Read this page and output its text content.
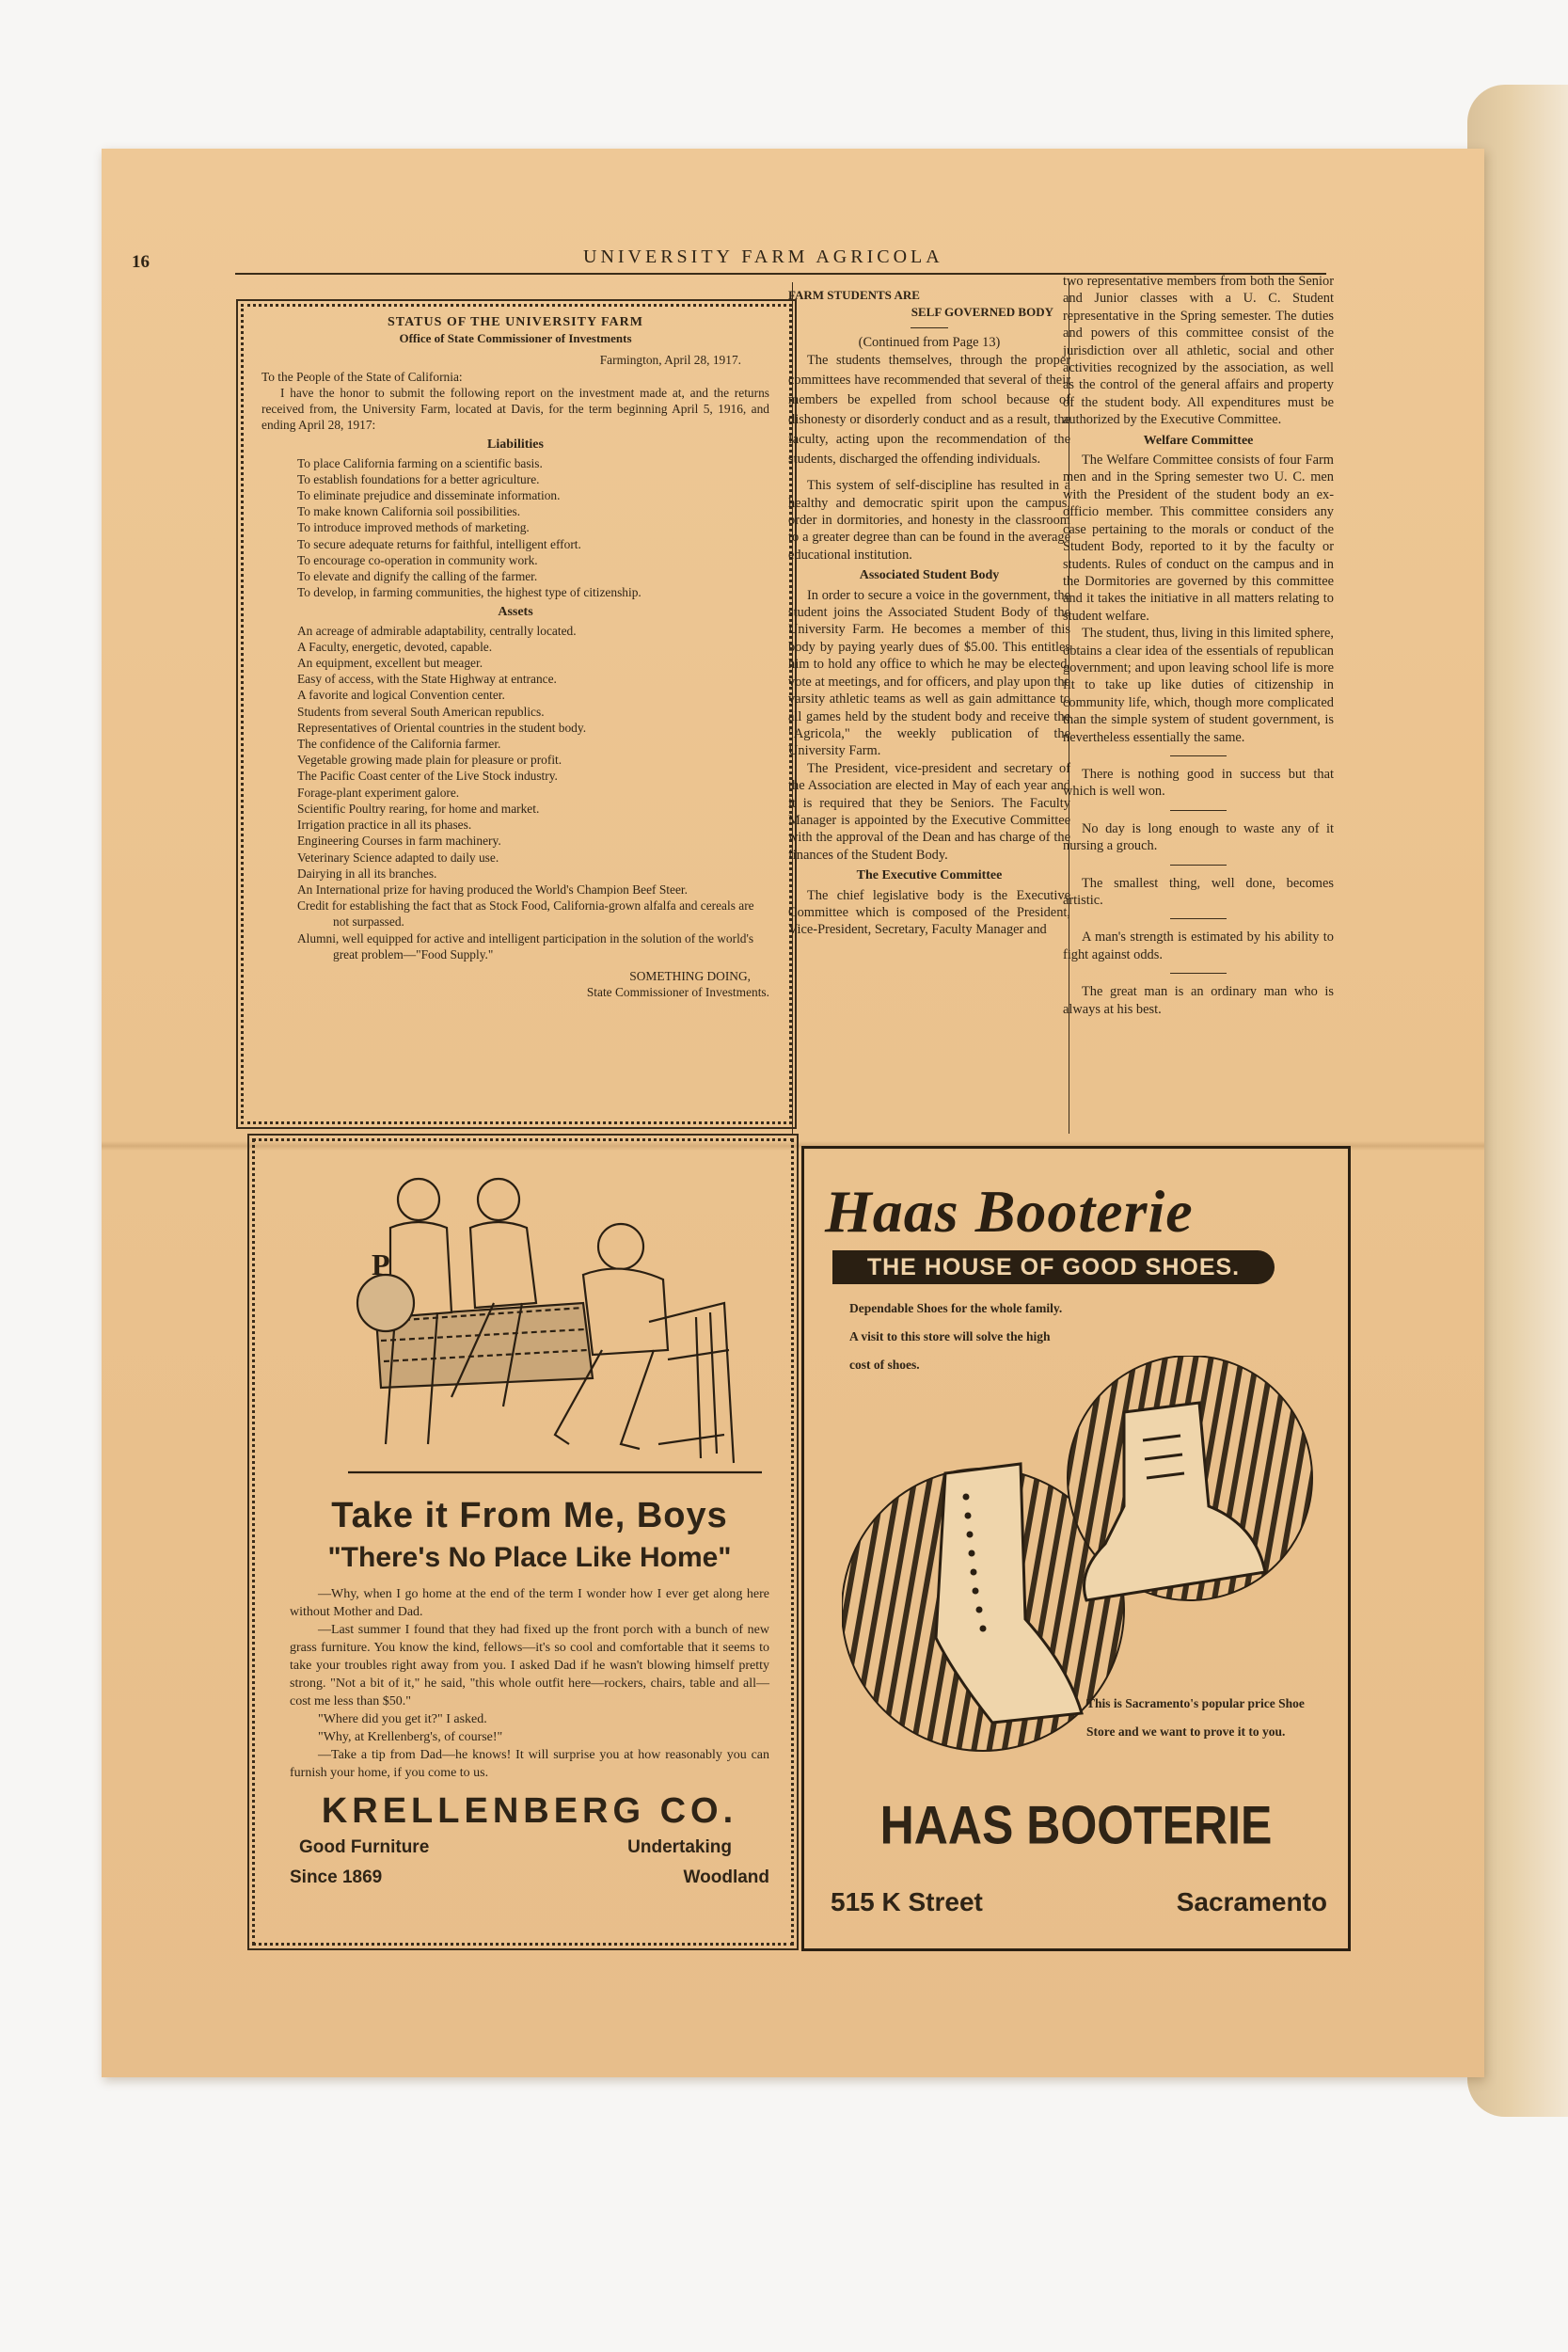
16	UNIVERSITY FARM AGRICOLA
STATUS OF THE UNIVERSITY FARM
Office of State Commissioner of Investments
Farmington, April 28, 1917.

To the People of the State of California:

I have the honor to submit the following report on the investment made at, and the returns received from, the University Farm, located at Davis, for the term beginning April 5, 1916, and ending April 28, 1917:

Liabilities
To place California farming on a scientific basis.
To establish foundations for a better agriculture.
To eliminate prejudice and disseminate information.
To make known California soil possibilities.
To introduce improved methods of marketing.
To secure adequate returns for faithful, intelligent effort.
To encourage co-operation in community work.
To elevate and dignify the calling of the farmer.
To develop, in farming communities, the highest type of citizenship.
Assets
An acreage of admirable adaptability, centrally located.
A Faculty, energetic, devoted, capable.
An equipment, excellent but meager.
Easy of access, with the State Highway at entrance.
A favorite and logical Convention center.
Students from several South American republics.
Representatives of Oriental countries in the student body.
The confidence of the California farmer.
Vegetable growing made plain for pleasure or profit.
The Pacific Coast center of the Live Stock industry.
Forage-plant experiment galore.
Scientific Poultry rearing, for home and market.
Irrigation practice in all its phases.
Engineering Courses in farm machinery.
Veterinary Science adapted to daily use.
Dairying in all its branches.
An International prize for having produced the World's Champion Beef Steer.
Credit for establishing the fact that as Stock Food, California-grown alfalfa and cereals are not surpassed.
Alumni, well equipped for active and intelligent participation in the solution of the world's great problem—"Food Supply."
SOMETHING DOING,
State Commissioner of Investments.
FARM STUDENTS ARE
SELF GOVERNED BODY
(Continued from Page 13)

The students themselves, through the proper committees have recommended that several of their members be expelled from school because of dishonesty or disorderly conduct and as a result, the faculty, acting upon the recommendation of the students, discharged the offending individuals.

This system of self-discipline has resulted in a healthy and democratic spirit upon the campus, order in dormitories, and honesty in the classroom to a greater degree than can be found in the average educational institution.

Associated Student Body

In order to secure a voice in the government, the student joins the Associated Student Body of the University Farm. He becomes a member of this body by paying yearly dues of $5.00. This entitles him to hold any office to which he may be elected, vote at meetings, and for officers, and play upon the varsity athletic teams as well as gain admittance to all games held by the student body and receive the "Agricola," the weekly publication of the University Farm.

The President, vice-president and secretary of the Association are elected in May of each year and it is required that they be Seniors. The Faculty Manager is appointed by the Executive Committee with the approval of the Dean and has charge of the finances of the Student Body.

The Executive Committee

The chief legislative body is the Executive Committee which is composed of the President, Vice-President, Secretary, Faculty Manager and

two representative members from both the Senior and Junior classes with a U. C. Student representative in the Spring semester. The duties and powers of this committee consist of the jurisdiction over all athletic, social and other activities recognized by the association, as well as the control of the general affairs and property of the student body. All expenditures must be authorized by the Executive Committee.

Welfare Committee

The Welfare Committee consists of four Farm men and in the Spring semester two U. C. men with the President of the student body an ex-officio member. This committee considers any case pertaining to the morals or conduct of the Student Body, reported to it by the faculty or students. Rules of conduct on the campus and in the Dormitories are governed by this committee and it takes the initiative in all matters relating to student welfare.

The student, thus, living in this limited sphere, obtains a clear idea of the essentials of republican government; and upon leaving school life is more fit to take up like duties of citizenship in community life, which, though more complicated than the simple system of student government, is nevertheless essentially the same.

There is nothing good in success but that which is well won.

No day is long enough to waste any of it nursing a grouch.

The smallest thing, well done, becomes artistic.

A man's strength is estimated by his ability to fight against odds.

The great man is an ordinary man who is always at his best.

P
Take it From Me, Boys
"There's No Place Like Home"

—Why, when I go home at the end of the term I wonder how I ever get along here without Mother and Dad.

—Last summer I found that they had fixed up the front porch with a bunch of new grass furniture. You know the kind, fellows—it's so cool and comfortable that it seems to take your troubles right away from you. I asked Dad if he wasn't blowing himself pretty strong. "Not a bit of it," he said, "this whole outfit here—rockers, chairs, table and all—cost me less than $50."

"Where did you get it?" I asked.

"Why, at Krellenberg's, of course!"

—Take a tip from Dad—he knows! It will surprise you at how reasonably you can furnish your home, if you come to us.

KRELLENBERG CO.
Good Furniture	Undertaking
Since 1869	Woodland
Haas Booterie
THE HOUSE OF GOOD SHOES.
Dependable Shoes for the whole family. A visit to this store will solve the high cost of shoes.
This is Sacramento's popular price Shoe Store and we want to prove it to you.
HAAS BOOTERIE
515 K Street	Sacramento
